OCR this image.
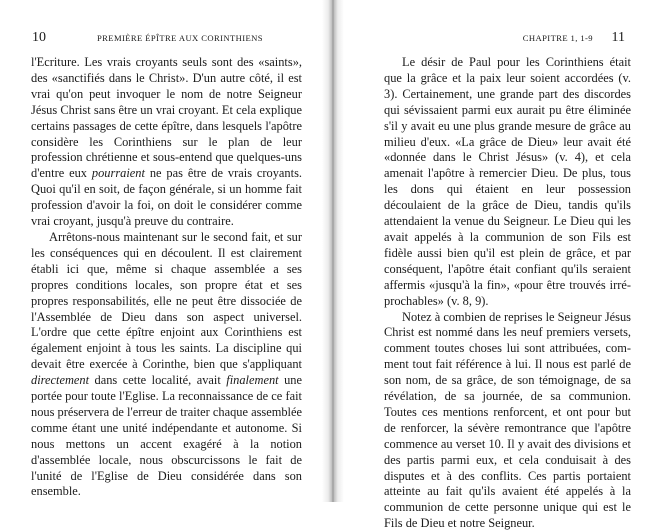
10	PREMIÈRE ÉPÎTRE AUX CORINTHIENS

l'Ecriture. Les vrais croyants seuls sont des «saints», des «sanctifiés dans le Christ». D'un autre côté, il est vrai qu'on peut invoquer le nom de notre Seigneur Jésus Christ sans être un vrai croyant. Et cela explique certains passages de cette épître, dans lesquels l'apôtre considère les Corinthiens sur le plan de leur profession chrétienne et sous-entend que quelques-uns d'entre eux pourraient ne pas être de vrais croyants. Quoi qu'il en soit, de façon générale, si un homme fait profession d'avoir la foi, on doit le considérer comme vrai croyant, jusqu'à preuve du contraire.

Arrêtons-nous maintenant sur le second fait, et sur les conséquences qui en découlent. Il est clairement établi ici que, même si chaque assemblée a ses propres conditions locales, son propre état et ses propres responsabilités, elle ne peut être dissociée de l'Assemblée de Dieu dans son aspect universel. L'ordre que cette épître enjoint aux Corinthiens est également enjoint à tous les saints. La discipline qui devait être exercée à Corinthe, bien que s'appliquant directement dans cette localité, avait finalement une portée pour toute l'Eglise. La reconnaissance de ce fait nous préservera de l'erreur de traiter chaque assemblée comme étant une unité indépendante et autonome. Si nous mettons un accent exagéré à la notion d'assemblée locale, nous obscurcissons le fait de l'unité de l'Eglise de Dieu considérée dans son ensemble.

CHAPITRE 1, 1-9 11

Le désir de Paul pour les Corinthiens était que la grâce et la paix leur soient accordées (v. 3). Certainement, une grande part des discordes qui sévissaient parmi eux aurait pu être éliminée s'il y avait eu une plus grande mesure de grâce au milieu d'eux. «La grâce de Dieu» leur avait été «donnée dans le Christ Jésus» (v. 4), et cela amenait l'apôtre à remercier Dieu. De plus, tous les dons qui étaient en leur possession découlaient de la grâce de Dieu, tandis qu'ils attendaient la venue du Seigneur. Le Dieu qui les avait appelés à la communion de son Fils est fidèle aussi bien qu'il est plein de grâce, et par conséquent, l'apôtre était confiant qu'ils seraient affermis «jusqu'à la fin», «pour être trouvés irréprochables» (v. 8, 9).

Notez à combien de reprises le Seigneur Jésus Christ est nommé dans les neuf premiers versets, comment toutes choses lui sont attribuées, comment tout fait référence à lui. Il nous est parlé de son nom, de sa grâce, de son témoignage, de sa révélation, de sa journée, de sa communion. Toutes ces mentions renforcent, et ont pour but de renforcer, la sévère remontrance que l'apôtre commence au verset 10. Il y avait des divisions et des partis parmi eux, et cela conduisait à des disputes et à des conflits. Ces partis portaient atteinte au fait qu'ils avaient été appelés à la communion de cette personne unique qui est le Fils de Dieu et notre Seigneur.
